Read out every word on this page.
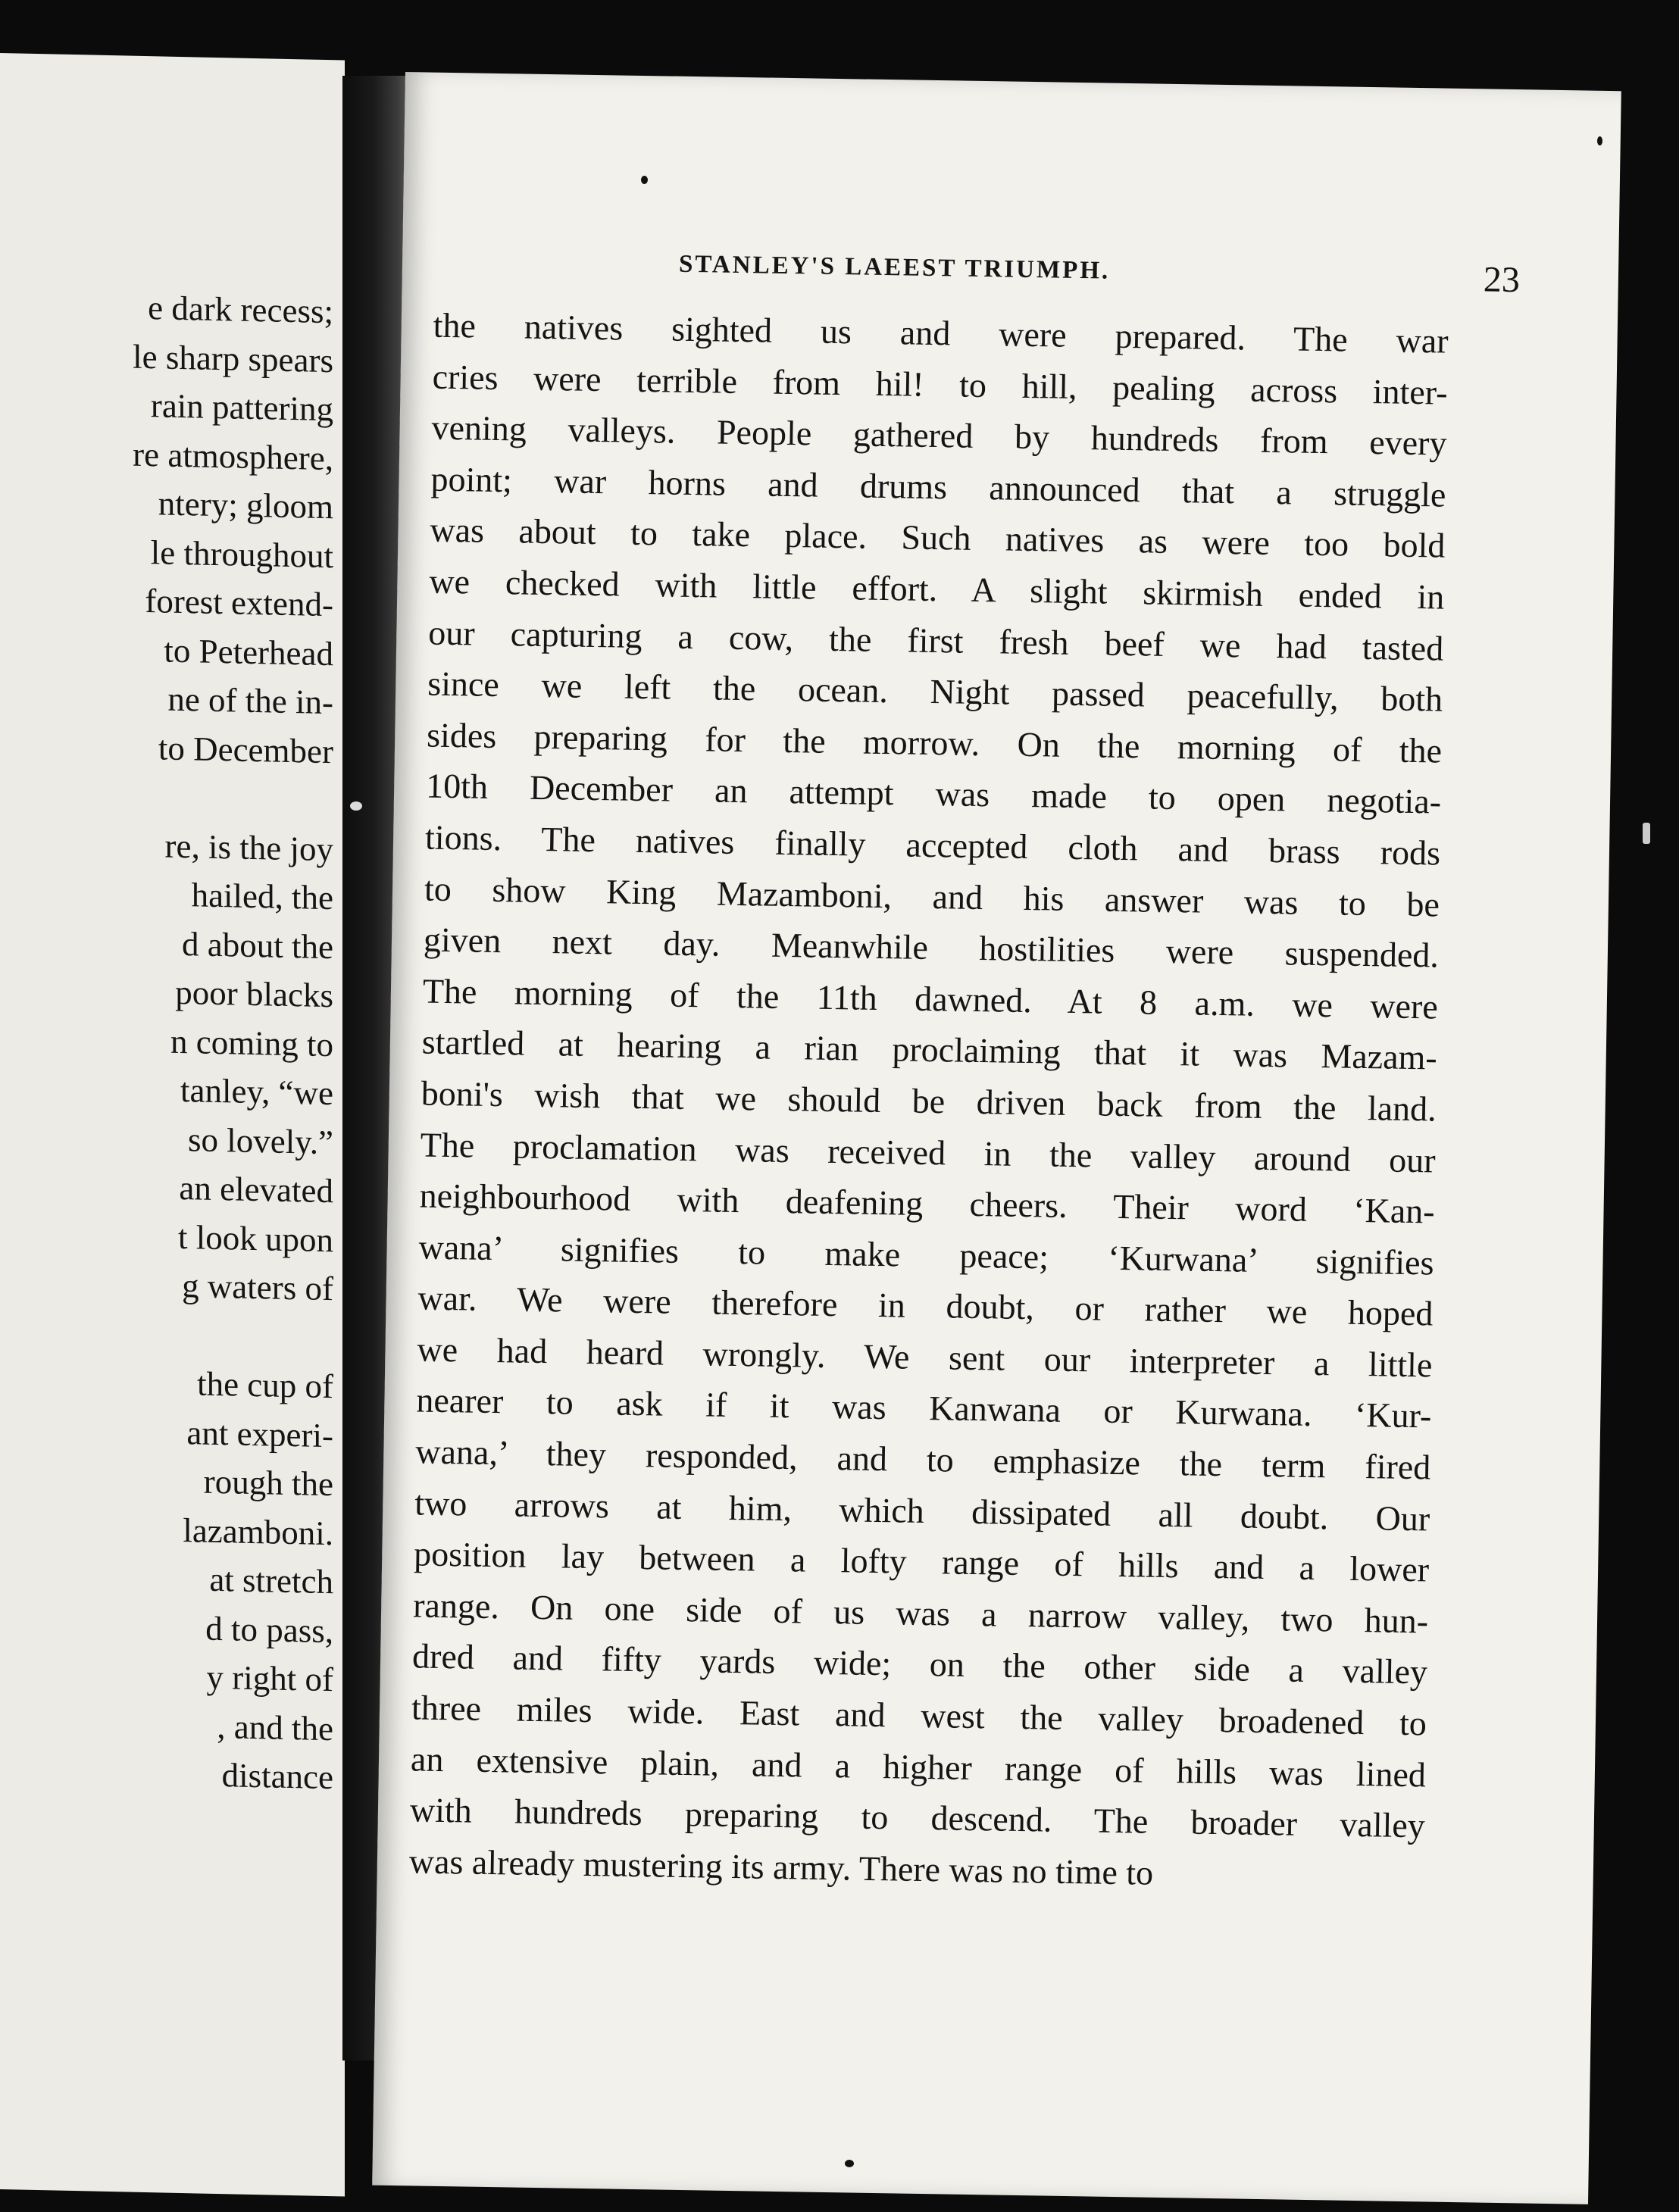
e dark recess;
le sharp spears
rain pattering
re atmosphere,
ntery; gloom
le throughout
forest extend-
to Peterhead
ne of the in-
to December
re, is the joy
hailed, the
d about the
poor blacks
n coming to
tanley, “we
so lovely.”
an elevated
t look upon
g waters of
the cup of
ant experi-
rough the
lazamboni.
at stretch
d to pass,
y right of
, and the
distance
STANLEY'S LAEEST TRIUMPH.	23
the natives sighted us and were prepared. The war
cries were terrible from hil! to hill, pealing across inter-
vening valleys. People gathered by hundreds from every
point; war horns and drums announced that a struggle
was about to take place. Such natives as were too bold
we checked with little effort. A slight skirmish ended in
our capturing a cow, the first fresh beef we had tasted
since we left the ocean. Night passed peacefully, both
sides preparing for the morrow. On the morning of the
10th December an attempt was made to open negotia-
tions. The natives finally accepted cloth and brass rods
to show King Mazamboni, and his answer was to be
given next day. Meanwhile hostilities were suspended.
The morning of the 11th dawned. At 8 a.m. we were
startled at hearing a rian proclaiming that it was Mazam-
boni's wish that we should be driven back from the land.
The proclamation was received in the valley around our
neighbourhood with deafening cheers. Their word ‘Kan-
wana’ signifies to make peace; ‘Kurwana’ signifies
war. We were therefore in doubt, or rather we hoped
we had heard wrongly. We sent our interpreter a little
nearer to ask if it was Kanwana or Kurwana. ‘Kur-
wana,’ they responded, and to emphasize the term fired
two arrows at him, which dissipated all doubt. Our
position lay between a lofty range of hills and a lower
range. On one side of us was a narrow valley, two hun-
dred and fifty yards wide; on the other side a valley
three miles wide. East and west the valley broadened to
an extensive plain, and a higher range of hills was lined
with hundreds preparing to descend. The broader valley
was already mustering its army. There was no time to
